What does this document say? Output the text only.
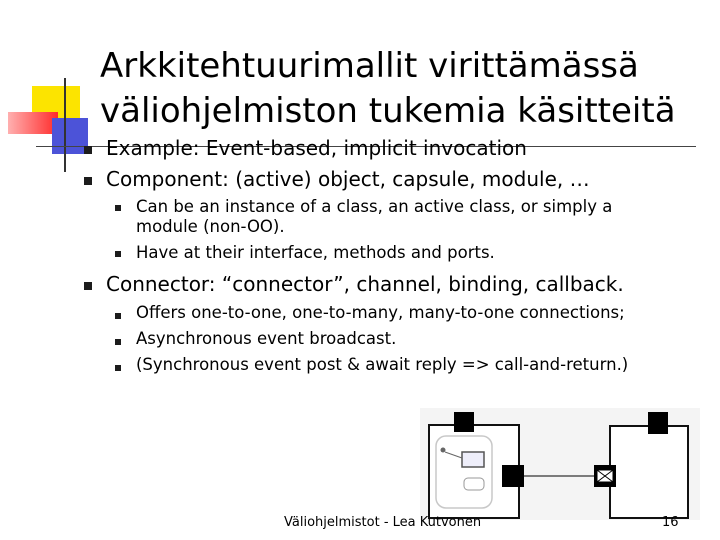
Arkkitehtuurimallit virittämässä
väliohjelmiston tukemia käsitteitä
Example: Event-based, implicit invocation
Component: (active) object, capsule, module, …
Can be an instance of a class, an active class, or simply a
module (non-OO).
Have at their interface, methods and ports.
Connector: “connector”, channel, binding, callback.
Offers one-to-one, one-to-many, many-to-one connections;
Asynchronous event broadcast.
(Synchronous event post & await reply => call-and-return.)
Väliohjelmistot - Lea Kutvonen	16
